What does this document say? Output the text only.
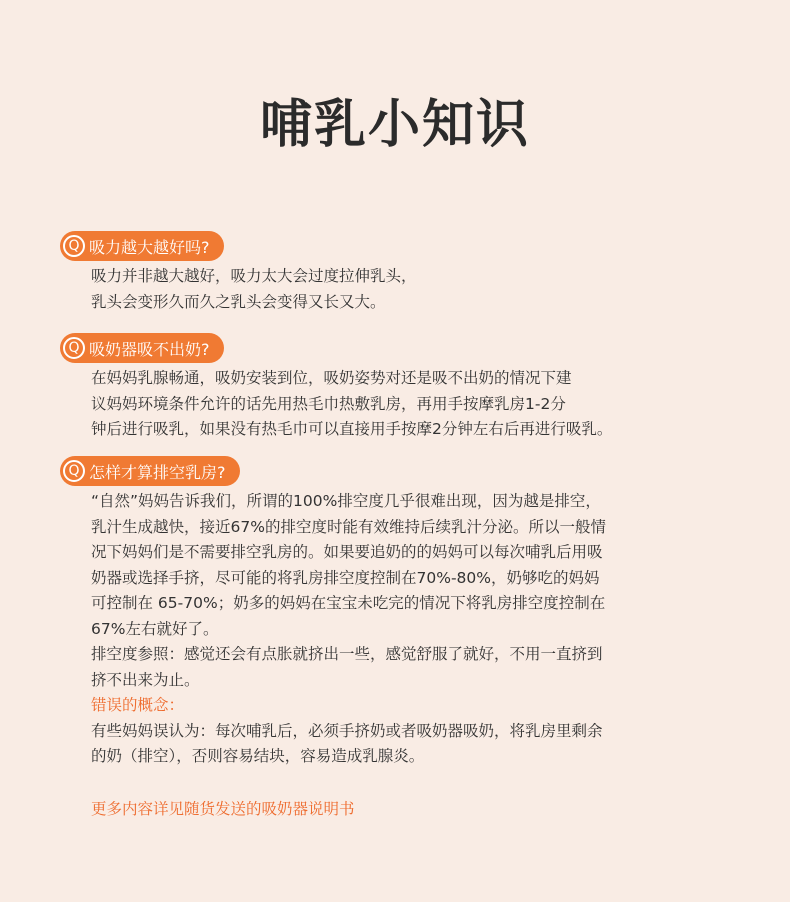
哺乳小知识
Q 吸力越大越好吗?

吸力并非越大越好，吸力太大会过度拉伸乳头，

乳头会变形久而久之乳头会变得又长又大。

Q 吸奶器吸不出奶?

在妈妈乳腺畅通，吸奶安装到位，吸奶姿势对还是吸不出奶的情况下建

议妈妈环境条件允许的话先用热毛巾热敷乳房，再用手按摩乳房1-2分

钟后进行吸乳，如果没有热毛巾可以直接用手按摩2分钟左右后再进行吸乳。

Q 怎样才算排空乳房?

“自然”妈妈告诉我们，所谓的100%排空度几乎很难出现，因为越是排空，

乳汁生成越快，接近67%的排空度时能有效维持后续乳汁分泌。所以一般情

况下妈妈们是不需要排空乳房的。如果要追奶的的妈妈可以每次哺乳后用吸

奶器或选择手挤，尽可能的将乳房排空度控制在70%-80%，奶够吃的妈妈

可控制在 65-70%；奶多的妈妈在宝宝未吃完的情况下将乳房排空度控制在

67%左右就好了。

排空度参照：感觉还会有点胀就挤出一些，感觉舒服了就好，不用一直挤到

挤不出来为止。

错误的概念：

有些妈妈误认为：每次哺乳后，必须手挤奶或者吸奶器吸奶，将乳房里剩余

的奶（排空），否则容易结块，容易造成乳腺炎。

更多内容详见随货发送的吸奶器说明书
